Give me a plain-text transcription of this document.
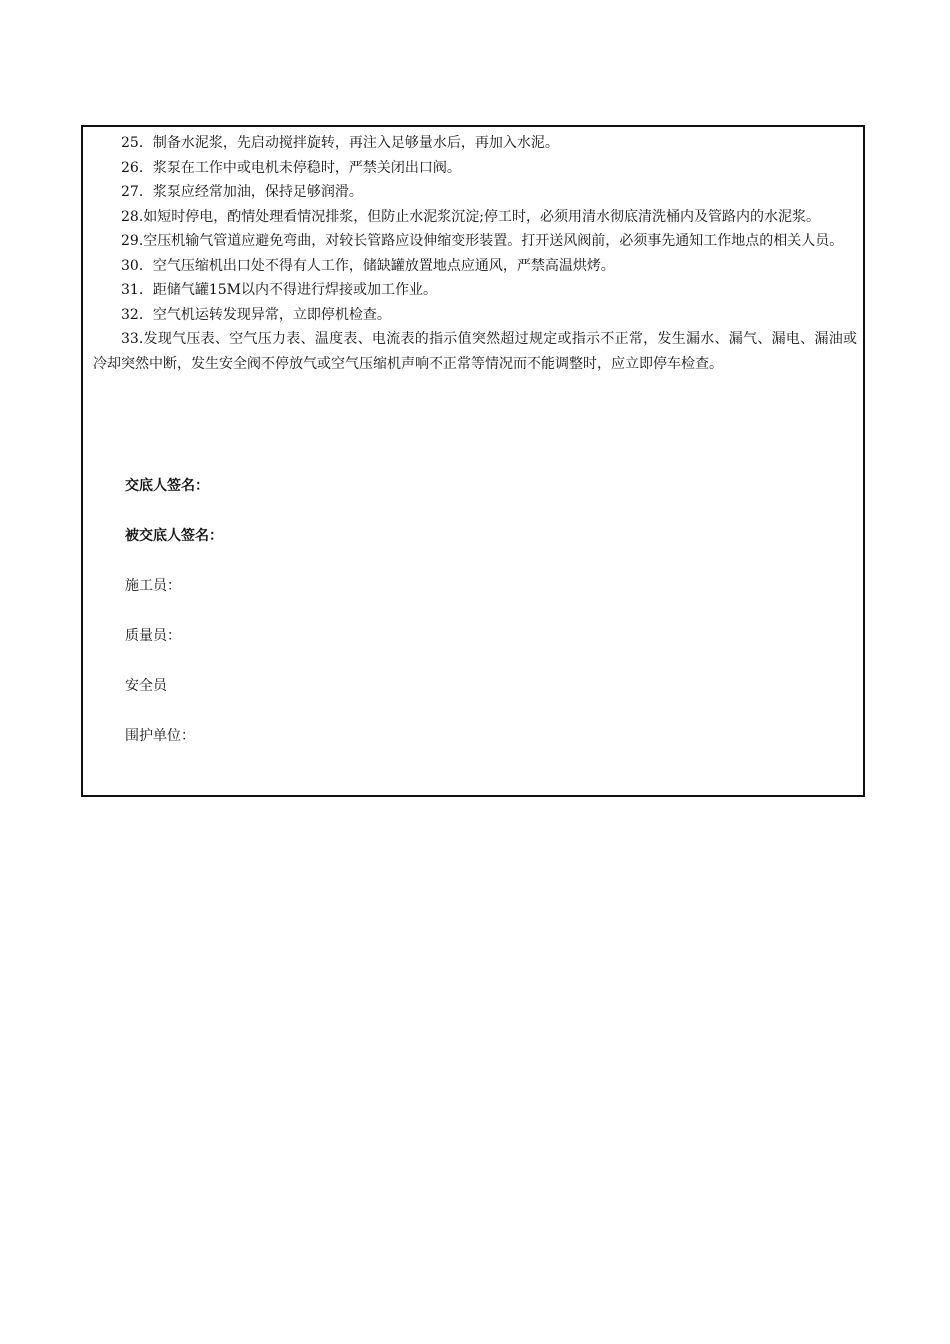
25．制备水泥浆，先启动搅拌旋转，再注入足够量水后，再加入水泥。

26．浆泵在工作中或电机未停稳时，严禁关闭出口阀。

27．浆泵应经常加油，保持足够润滑。

28.如短时停电，酌情处理看情况排浆，但防止水泥浆沉淀;停工时，必须用清水彻底清洗桶内及管路内的水泥浆。

29.空压机输气管道应避免弯曲，对较长管路应设伸缩变形装置。打开送风阀前，必须事先通知工作地点的相关人员。

30．空气压缩机出口处不得有人工作，储缺罐放置地点应通风，严禁高温烘烤。

31．距储气罐15M以内不得进行焊接或加工作业。

32．空气机运转发现异常，立即停机检查。

33.发现气压表、空气压力表、温度表、电流表的指示值突然超过规定或指示不正常，发生漏水、漏气、漏电、漏油或冷却突然中断，发生安全阀不停放气或空气压缩机声响不正常等情况而不能调整时，应立即停车检查。

交底人签名：

被交底人签名：

施工员：

质量员：

安全员

围护单位：
